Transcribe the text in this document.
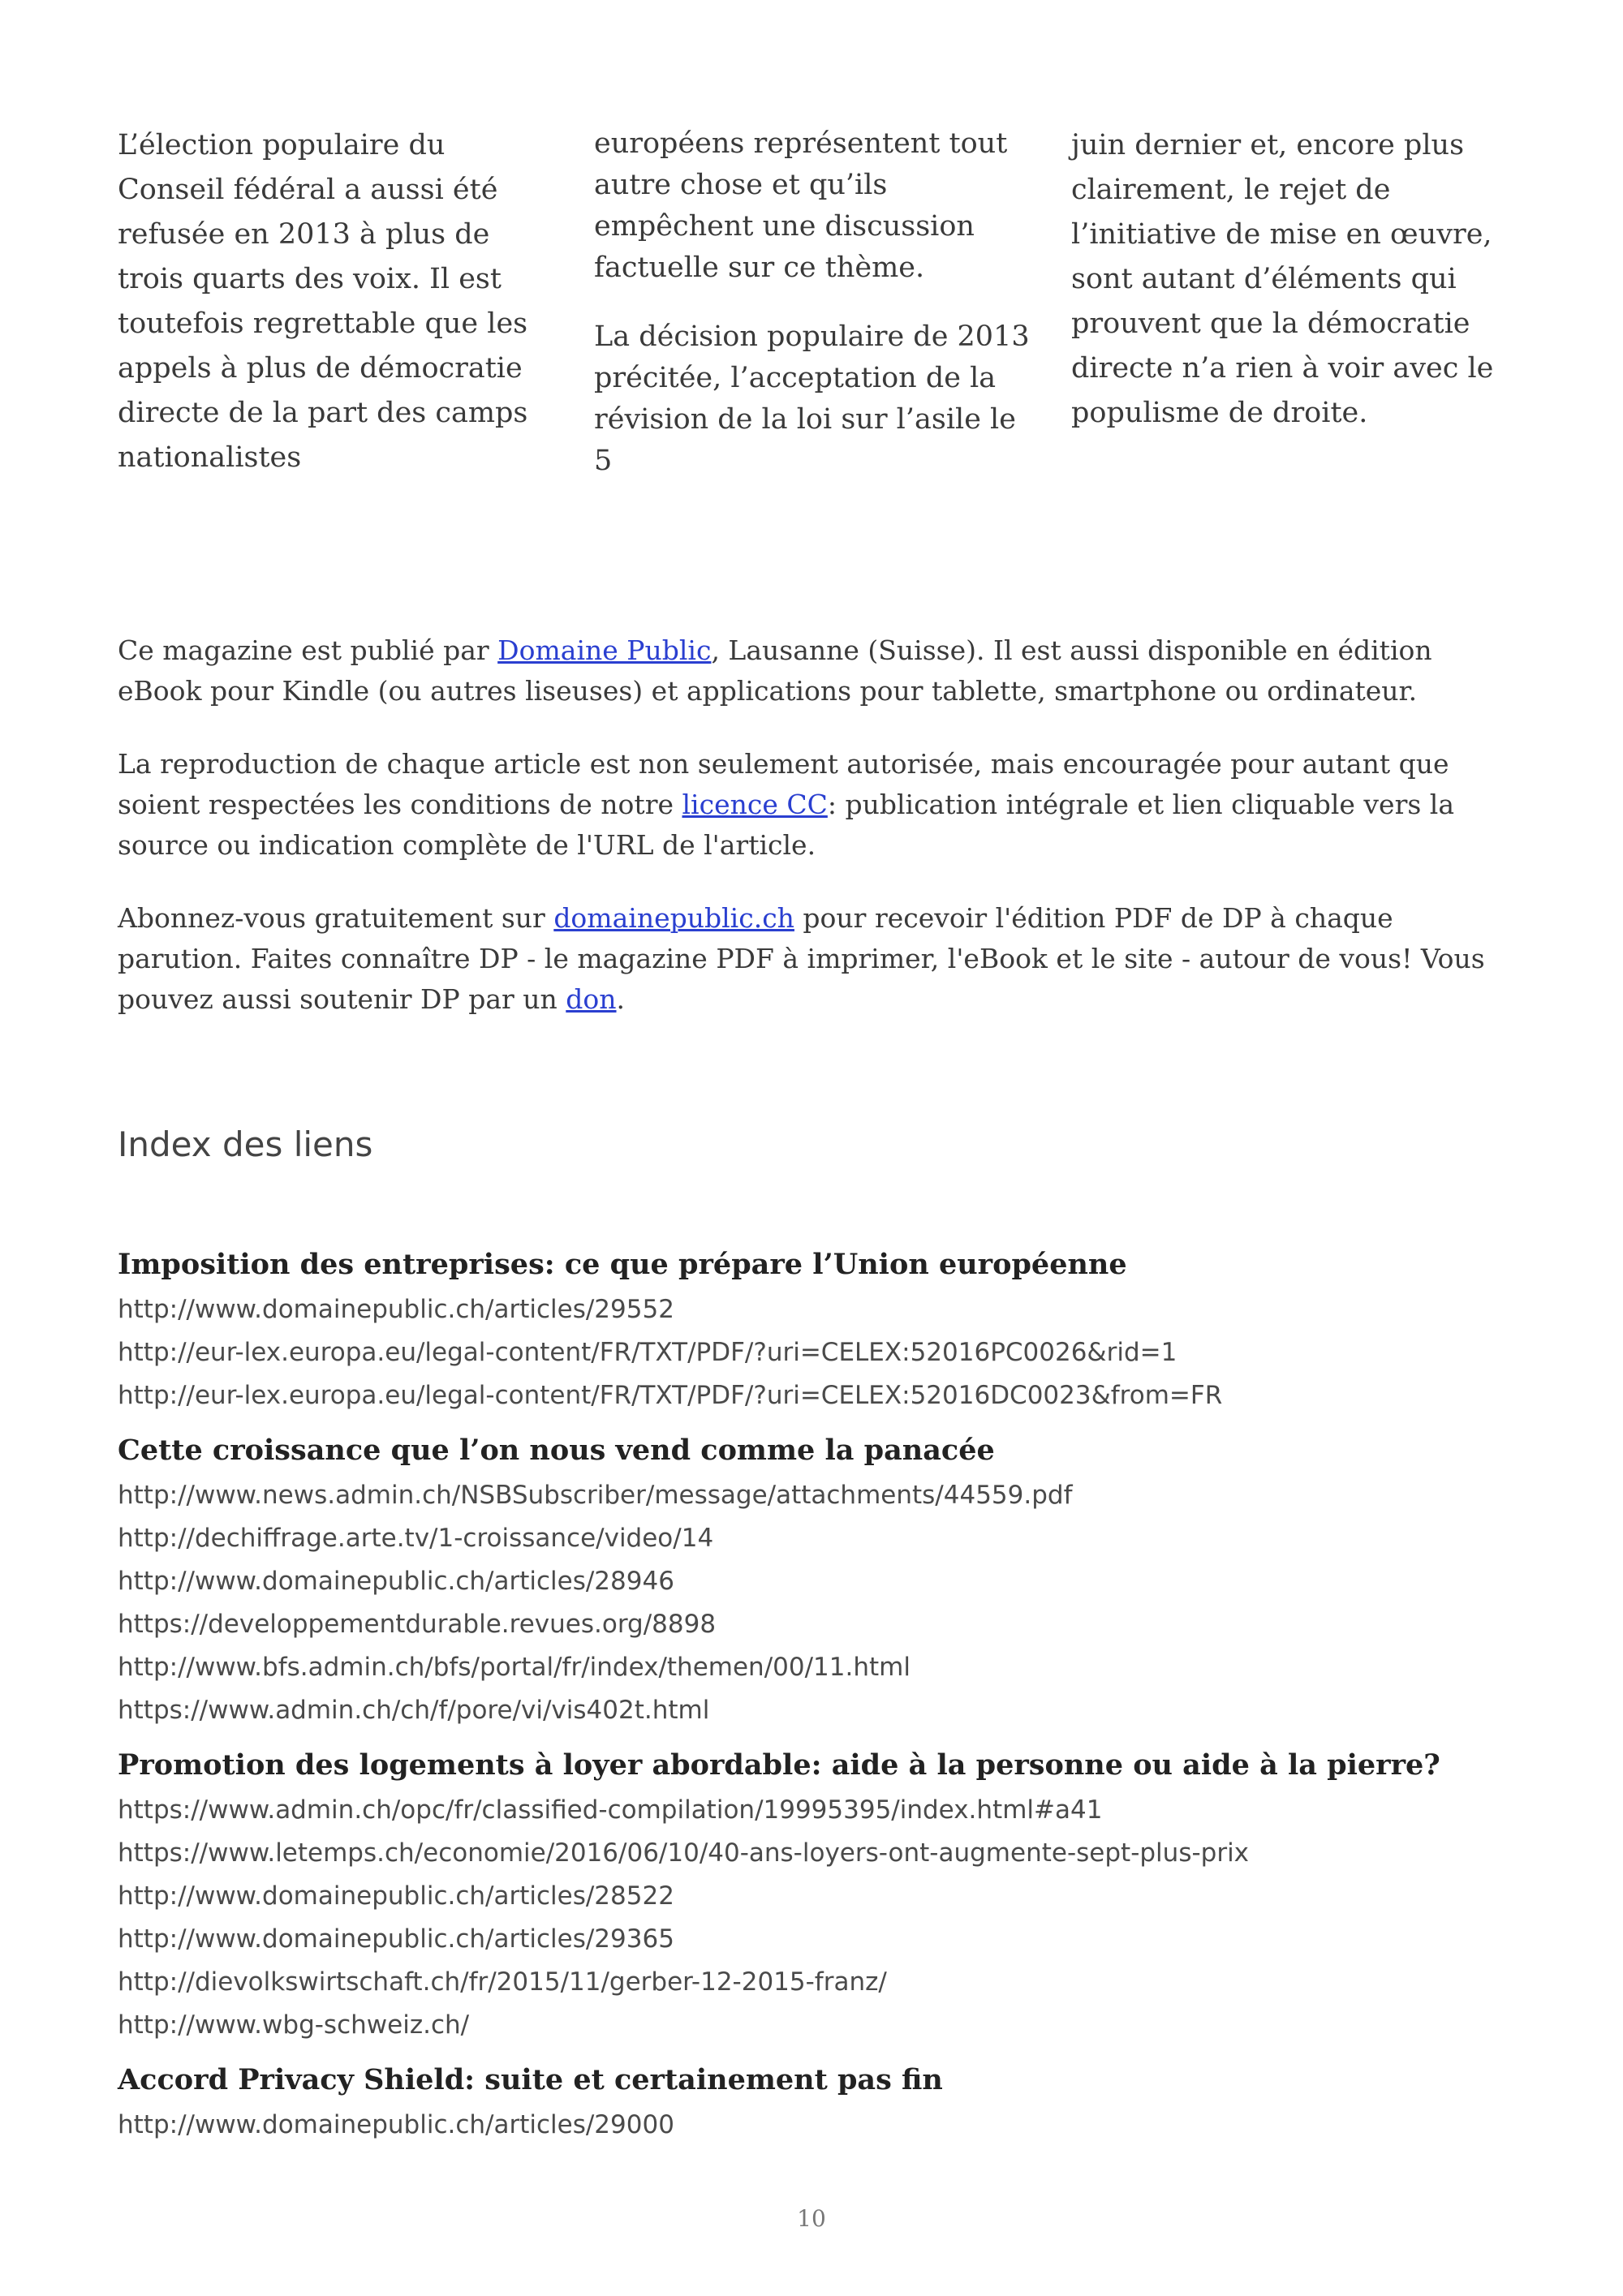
L’élection populaire du Conseil fédéral a aussi été refusée en 2013 à plus de trois quarts des voix. Il est toutefois regrettable que les appels à plus de démocratie directe de la part des camps nationalistes

européens représentent tout autre chose et qu’ils empêchent une discussion factuelle sur ce thème.

La décision populaire de 2013 précitée, l’acceptation de la révision de la loi sur l’asile le 5

juin dernier et, encore plus clairement, le rejet de l’initiative de mise en œuvre, sont autant d’éléments qui prouvent que la démocratie directe n’a rien à voir avec le populisme de droite.

Ce magazine est publié par Domaine Public, Lausanne (Suisse). Il est aussi disponible en édition eBook pour Kindle (ou autres liseuses) et applications pour tablette, smartphone ou ordinateur.

La reproduction de chaque article est non seulement autorisée, mais encouragée pour autant que soient respectées les conditions de notre licence CC: publication intégrale et lien cliquable vers la source ou indication complète de l'URL de l'article.

Abonnez-vous gratuitement sur domainepublic.ch pour recevoir l'édition PDF de DP à chaque parution. Faites connaître DP - le magazine PDF à imprimer, l'eBook et le site - autour de vous! Vous pouvez aussi soutenir DP par un don.

Index des liens
Imposition des entreprises: ce que prépare l’Union européenne
http://www.domainepublic.ch/articles/29552
http://eur-lex.europa.eu/legal-content/FR/TXT/PDF/?uri=CELEX:52016PC0026&rid=1
http://eur-lex.europa.eu/legal-content/FR/TXT/PDF/?uri=CELEX:52016DC0023&from=FR
Cette croissance que l’on nous vend comme la panacée
http://www.news.admin.ch/NSBSubscriber/message/attachments/44559.pdf
http://dechiffrage.arte.tv/1-croissance/video/14
http://www.domainepublic.ch/articles/28946
https://developpementdurable.revues.org/8898
http://www.bfs.admin.ch/bfs/portal/fr/index/themen/00/11.html
https://www.admin.ch/ch/f/pore/vi/vis402t.html
Promotion des logements à loyer abordable: aide à la personne ou aide à la pierre?
https://www.admin.ch/opc/fr/classified-compilation/19995395/index.html#a41
https://www.letemps.ch/economie/2016/06/10/40-ans-loyers-ont-augmente-sept-plus-prix
http://www.domainepublic.ch/articles/28522
http://www.domainepublic.ch/articles/29365
http://dievolkswirtschaft.ch/fr/2015/11/gerber-12-2015-franz/
http://www.wbg-schweiz.ch/
Accord Privacy Shield: suite et certainement pas fin
http://www.domainepublic.ch/articles/29000
10
